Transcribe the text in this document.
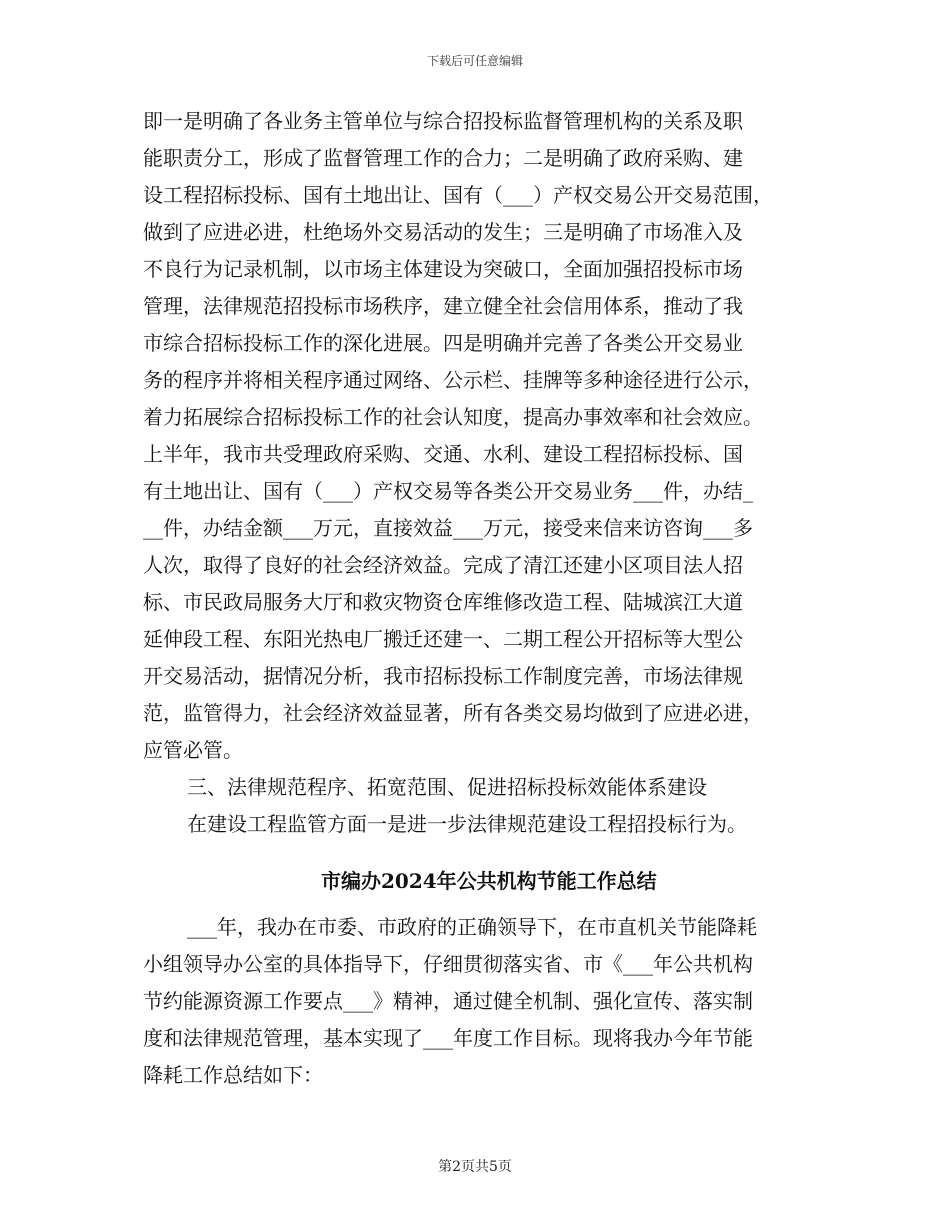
下载后可任意编辑
即一是明确了各业务主管单位与综合招投标监督管理机构的关系及职
能职责分工，形成了监督管理工作的合力；二是明确了政府采购、建
设工程招标投标、国有土地出让、国有（___）产权交易公开交易范围，
做到了应进必进，杜绝场外交易活动的发生；三是明确了市场准入及
不良行为记录机制，以市场主体建设为突破口，全面加强招投标市场
管理，法律规范招投标市场秩序，建立健全社会信用体系，推动了我
市综合招标投标工作的深化进展。四是明确并完善了各类公开交易业
务的程序并将相关程序通过网络、公示栏、挂牌等多种途径进行公示，
着力拓展综合招标投标工作的社会认知度，提高办事效率和社会效应。
上半年，我市共受理政府采购、交通、水利、建设工程招标投标、国
有土地出让、国有（___）产权交易等各类公开交易业务___件，办结_
__件，办结金额___万元，直接效益___万元，接受来信来访咨询___多
人次，取得了良好的社会经济效益。完成了清江还建小区项目法人招
标、市民政局服务大厅和救灾物资仓库维修改造工程、陆城滨江大道
延伸段工程、东阳光热电厂搬迁还建一、二期工程公开招标等大型公
开交易活动，据情况分析，我市招标投标工作制度完善，市场法律规
范，监管得力，社会经济效益显著，所有各类交易均做到了应进必进，
应管必管。
三、法律规范程序、拓宽范围、促进招标投标效能体系建设
在建设工程监管方面一是进一步法律规范建设工程招投标行为。
市编办2024年公共机构节能工作总结
___年，我办在市委、市政府的正确领导下，在市直机关节能降耗
小组领导办公室的具体指导下，仔细贯彻落实省、市《___年公共机构
节约能源资源工作要点___》精神，通过健全机制、强化宣传、落实制
度和法律规范管理，基本实现了___年度工作目标。现将我办今年节能
降耗工作总结如下：
第2页共5页
